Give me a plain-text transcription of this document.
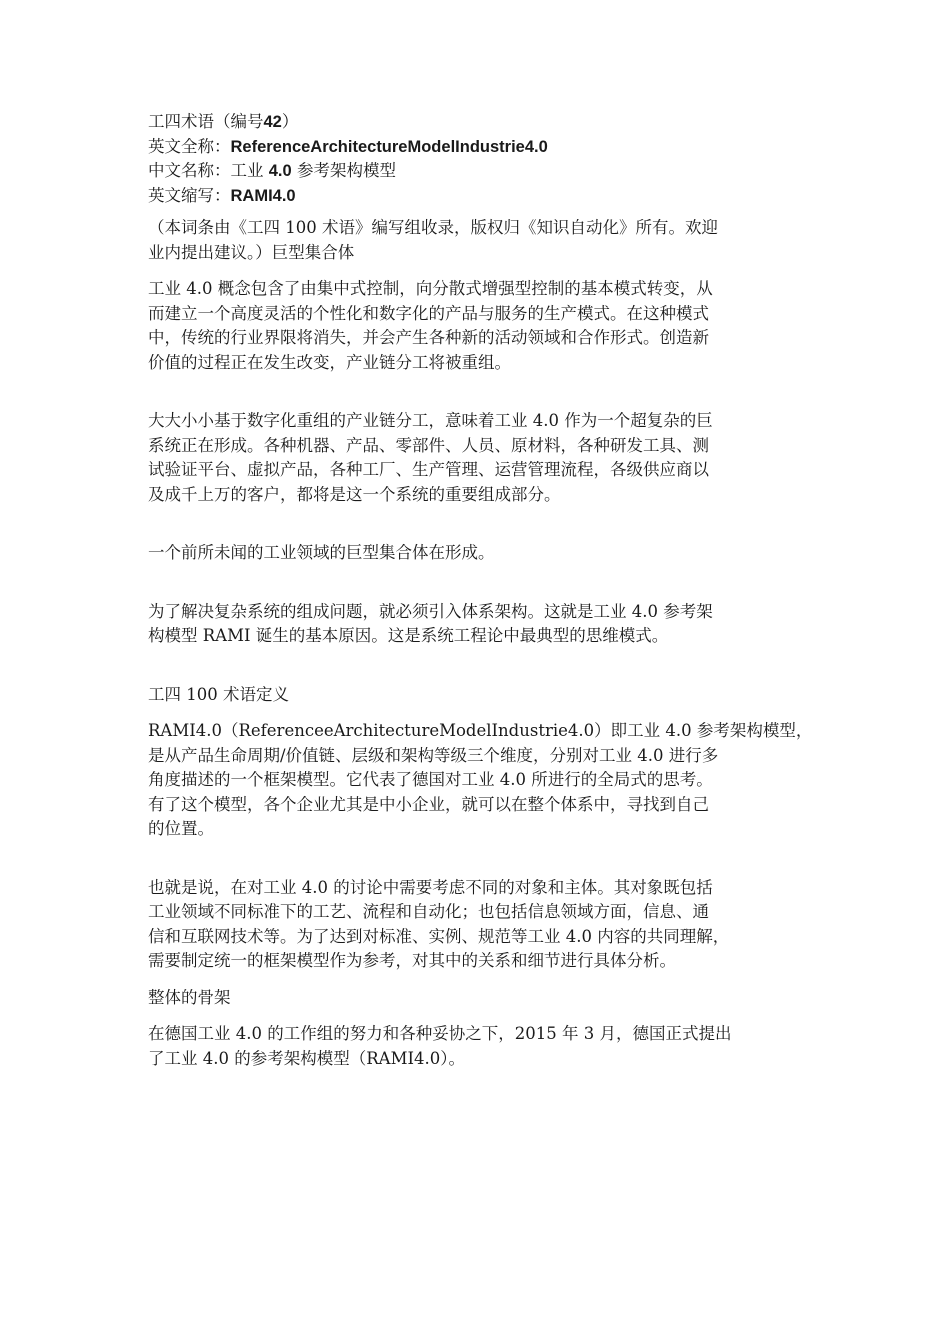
工四术语（编号42）

英文全称：ReferenceArchitectureModelIndustrie4.0

中文名称：工业 4.0 参考架构模型

英文缩写：RAMI4.0

（本词条由《工四 100 术语》编写组收录，版权归《知识自动化》所有。欢迎
业内提出建议。）巨型集合体

工业 4.0 概念包含了由集中式控制，向分散式增强型控制的基本模式转变，从
而建立一个高度灵活的个性化和数字化的产品与服务的生产模式。在这种模式
中，传统的行业界限将消失，并会产生各种新的活动领域和合作形式。创造新
价值的过程正在发生改变，产业链分工将被重组。

大大小小基于数字化重组的产业链分工，意味着工业 4.0 作为一个超复杂的巨
系统正在形成。各种机器、产品、零部件、人员、原材料，各种研发工具、测
试验证平台、虚拟产品，各种工厂、生产管理、运营管理流程，各级供应商以
及成千上万的客户，都将是这一个系统的重要组成部分。

一个前所未闻的工业领域的巨型集合体在形成。

为了解决复杂系统的组成问题，就必须引入体系架构。这就是工业 4.0 参考架
构模型 RAMI 诞生的基本原因。这是系统工程论中最典型的思维模式。

工四 100 术语定义

RAMI4.0（ReferenceeArchitectureModelIndustrie4.0）即工业 4.0 参考架构模型，
是从产品生命周期/价值链、层级和架构等级三个维度，分别对工业 4.0 进行多
角度描述的一个框架模型。它代表了德国对工业 4.0 所进行的全局式的思考。
有了这个模型，各个企业尤其是中小企业，就可以在整个体系中，寻找到自己
的位置。

也就是说，在对工业 4.0 的讨论中需要考虑不同的对象和主体。其对象既包括
工业领域不同标准下的工艺、流程和自动化；也包括信息领域方面，信息、通
信和互联网技术等。为了达到对标准、实例、规范等工业 4.0 内容的共同理解，
需要制定统一的框架模型作为参考，对其中的关系和细节进行具体分析。

整体的骨架

在德国工业 4.0 的工作组的努力和各种妥协之下，2015 年 3 月，德国正式提出
了工业 4.0 的参考架构模型（RAMI4.0）。
